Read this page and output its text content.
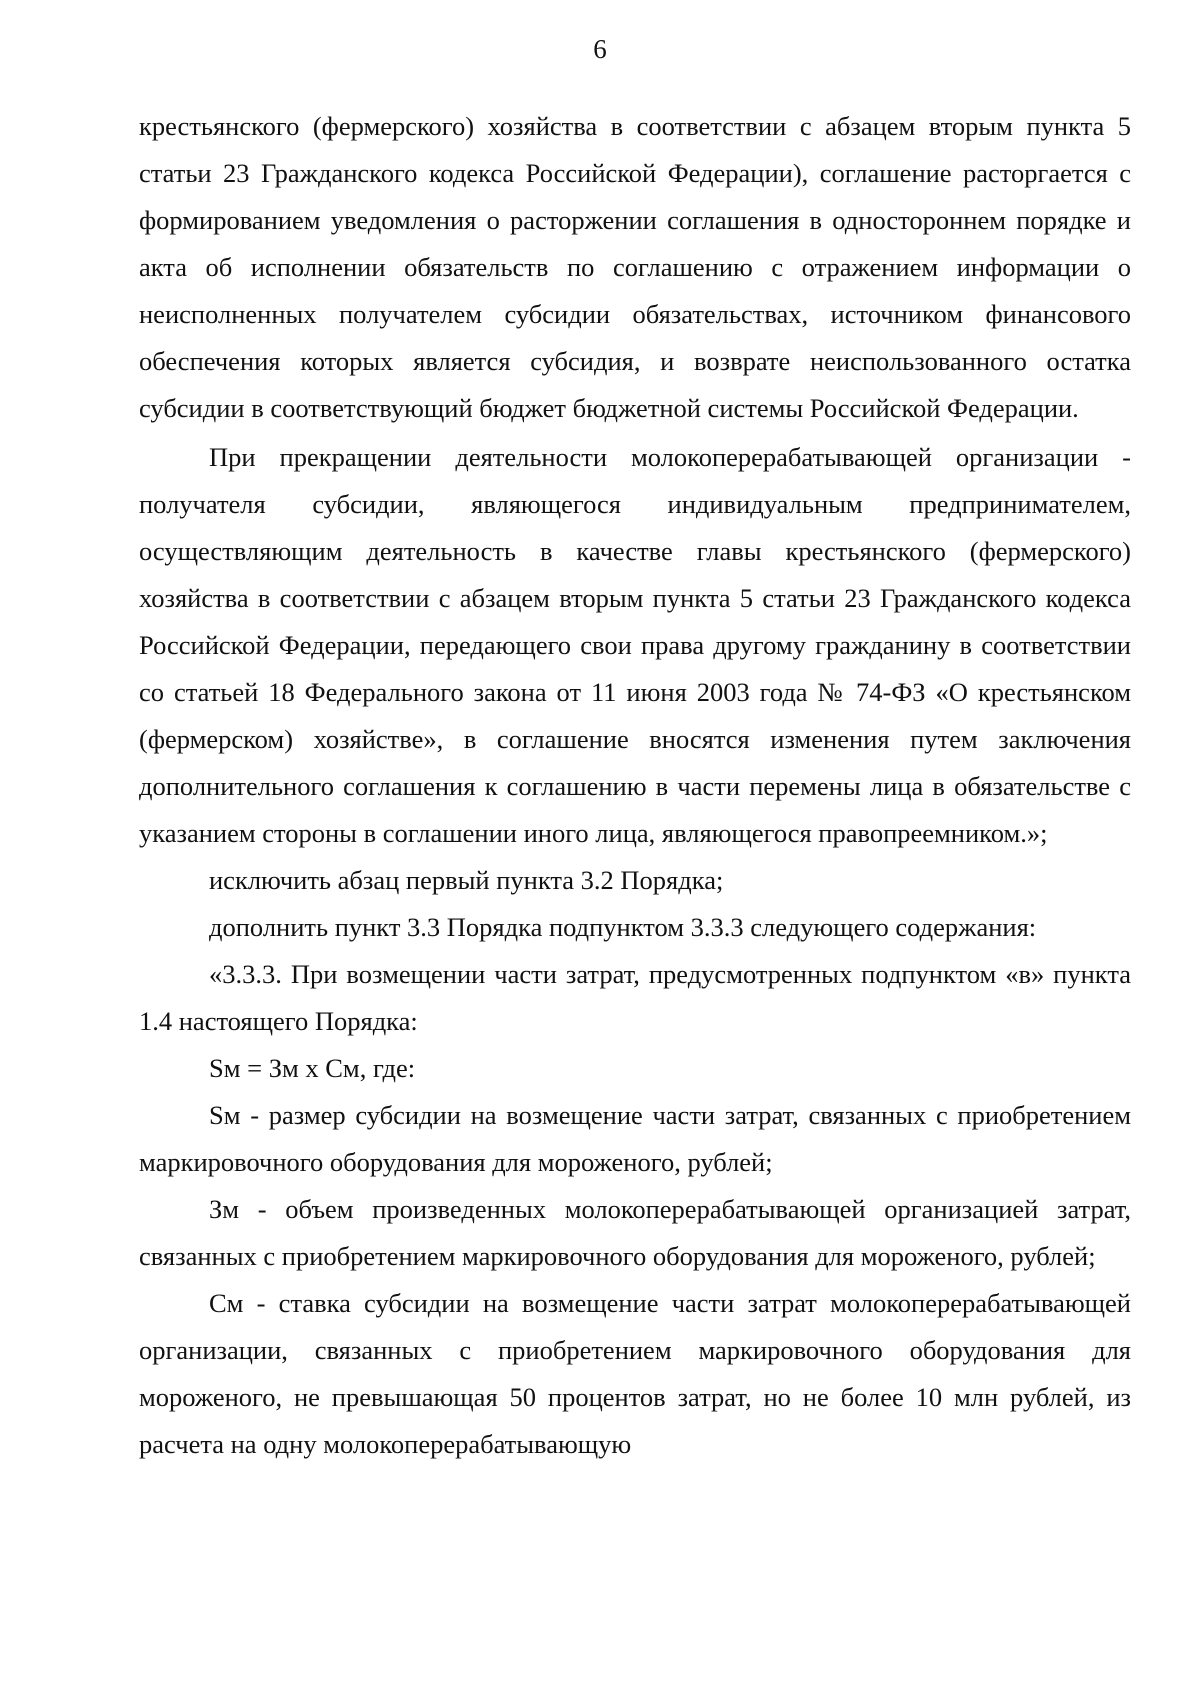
6

крестьянского (фермерского) хозяйства в соответствии с абзацем вторым пункта 5 статьи 23 Гражданского кодекса Российской Федерации), соглашение расторгается с формированием уведомления о расторжении соглашения в одностороннем порядке и акта об исполнении обязательств по соглашению с отражением информации о неисполненных получателем субсидии обязательствах, источником финансового обеспечения которых является субсидия, и возврате неиспользованного остатка субсидии в соответствующий бюджет бюджетной системы Российской Федерации.

При прекращении деятельности молокоперерабатывающей организации - получателя субсидии, являющегося индивидуальным предпринимателем, осуществляющим деятельность в качестве главы крестьянского (фермерского) хозяйства в соответствии с абзацем вторым пункта 5 статьи 23 Гражданского кодекса Российской Федерации, передающего свои права другому гражданину в соответствии со статьей 18 Федерального закона от 11 июня 2003 года № 74-ФЗ «О крестьянском (фермерском) хозяйстве», в соглашение вносятся изменения путем заключения дополнительного соглашения к соглашению в части перемены лица в обязательстве с указанием стороны в соглашении иного лица, являющегося правопреемником.»;

исключить абзац первый пункта 3.2 Порядка;

дополнить пункт 3.3 Порядка подпунктом 3.3.3 следующего содержания:

«3.3.3. При возмещении части затрат, предусмотренных подпунктом «в» пункта 1.4 настоящего Порядка:

Sм = Зм х См, где:

Sм - размер субсидии на возмещение части затрат, связанных с приобретением маркировочного оборудования для мороженого, рублей;

Зм - объем произведенных молокоперерабатывающей организацией затрат, связанных с приобретением маркировочного оборудования для мороженого, рублей;

См - ставка субсидии на возмещение части затрат молокоперерабатывающей организации, связанных с приобретением маркировочного оборудования для мороженого, не превышающая 50 процентов затрат, но не более 10 млн рублей, из расчета на одну молокоперерабатывающую
